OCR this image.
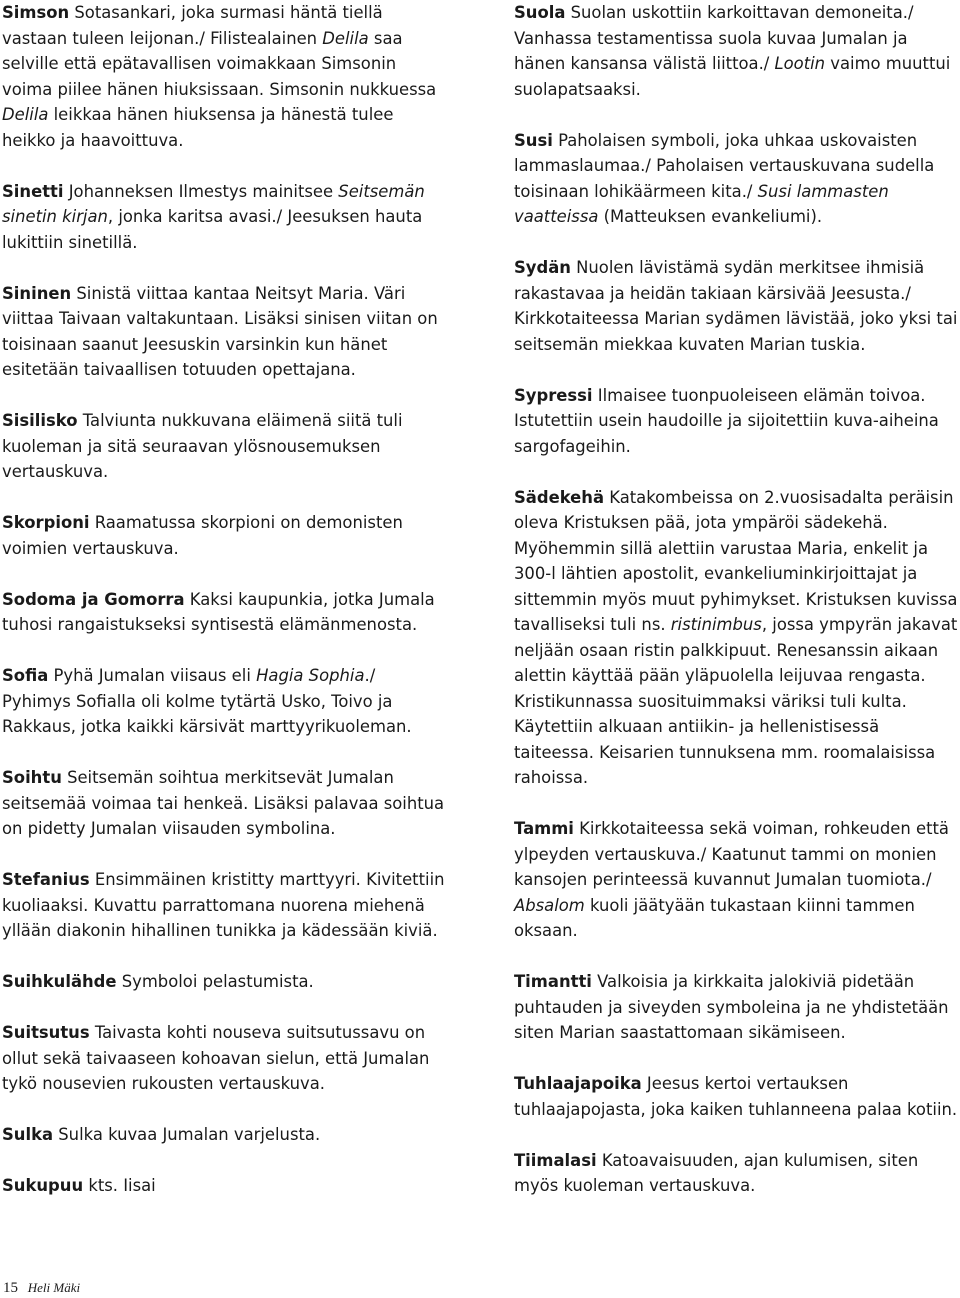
Simson Sotasankari, joka surmasi häntä tiellä vastaan tuleen leijonan./ Filistealainen Delila saa selville että epätavallisen voimakkaan Simsonin voima piilee hänen hiuksissaan. Simsonin nukkuessa Delila leikkaa hänen hiuksensa ja hänestä tulee heikko ja haavoittuva.

Sinetti Johanneksen Ilmestys mainitsee Seitsemän sinetin kirjan, jonka karitsa avasi./ Jeesuksen hauta lukittiin sinetillä.

Sininen Sinistä viittaa kantaa Neitsyt Maria. Väri viittaa Taivaan valtakuntaan. Lisäksi sinisen viitan on toisinaan saanut Jeesuskin varsinkin kun hänet esitetään taivaallisen totuuden opettajana.

Sisilisko Talviunta nukkuvana eläimenä siitä tuli kuoleman ja sitä seuraavan ylösnousemuksen vertauskuva.

Skorpioni Raamatussa skorpioni on demonisten voimien vertauskuva.

Sodoma ja Gomorra Kaksi kaupunkia, jotka Jumala tuhosi rangaistukseksi syntisestä elämänmenosta.

Sofia Pyhä Jumalan viisaus eli Hagia Sophia./ Pyhimys Sofialla oli kolme tytärtä Usko, Toivo ja Rakkaus, jotka kaikki kärsivät marttyyrikuoleman.

Soihtu Seitsemän soihtua merkitsevät Jumalan seitsemää voimaa tai henkeä. Lisäksi palavaa soihtua on pidetty Jumalan viisauden symbolina.

Stefanius Ensimmäinen kristitty marttyyri. Kivitettiin kuoliaaksi. Kuvattu parrattomana nuorena miehenä yllään diakonin hihallinen tunikka ja kädessään kiviä.

Suihkulähde Symboloi pelastumista.

Suitsutus Taivasta kohti nouseva suitsutussavu on ollut sekä taivaaseen kohoavan sielun, että Jumalan tykö nousevien rukousten vertauskuva.

Sulka Sulka kuvaa Jumalan varjelusta.

Sukupuu kts. Iisai

Suola Suolan uskottiin karkoittavan demoneita./ Vanhassa testamentissa suola kuvaa Jumalan ja hänen kansansa välistä liittoa./ Lootin vaimo muuttui suolapatsaaksi.

Susi Paholaisen symboli, joka uhkaa uskovaisten lammaslaumaa./ Paholaisen vertauskuvana sudella toisinaan lohikäärmeen kita./ Susi lammasten vaatteissa (Matteuksen evankeliumi).

Sydän Nuolen lävistämä sydän merkitsee ihmisiä rakastavaa ja heidän takiaan kärsivää Jeesusta./ Kirkkotaiteessa Marian sydämen lävistää, joko yksi tai seitsemän miekkaa kuvaten Marian tuskia.

Sypressi Ilmaisee tuonpuoleiseen elämän toivoa. Istutettiin usein haudoille ja sijoitettiin kuva-aiheina sargofageihin.

Sädekehä Katakombeissa on 2.vuosisadalta peräisin oleva Kristuksen pää, jota ympäröi sädekehä. Myöhemmin sillä alettiin varustaa Maria, enkelit ja 300-l lähtien apostolit, evankeliuminkirjoittajat ja sittemmin myös muut pyhimykset. Kristuksen kuvissa tavalliseksi tuli ns. ristinimbus, jossa ympyrän jakavat neljään osaan ristin palkkipuut. Renesanssin aikaan alettin käyttää pään yläpuolella leijuvaa rengasta. Kristikunnassa suosituimmaksi väriksi tuli kulta. Käytettiin alkuaan antiikin- ja hellenistisessä taiteessa. Keisarien tunnuksena mm. roomalaisissa rahoissa.

Tammi Kirkkotaiteessa sekä voiman, rohkeuden että ylpeyden vertauskuva./ Kaatunut tammi on monien kansojen perinteessä kuvannut Jumalan tuomiota./ Absalom kuoli jäätyään tukastaan kiinni tammen oksaan.

Timantti Valkoisia ja kirkkaita jalokiviä pidetään puhtauden ja siveyden symboleina ja ne yhdistetään siten Marian saastattomaan sikämiseen.

Tuhlaajapoika Jeesus kertoi vertauksen tuhlaajapojasta, joka kaiken tuhlanneena palaa kotiin.

Tiimalasi Katoavaisuuden, ajan kulumisen, siten myös kuoleman vertauskuva.

15 Heli Mäki
